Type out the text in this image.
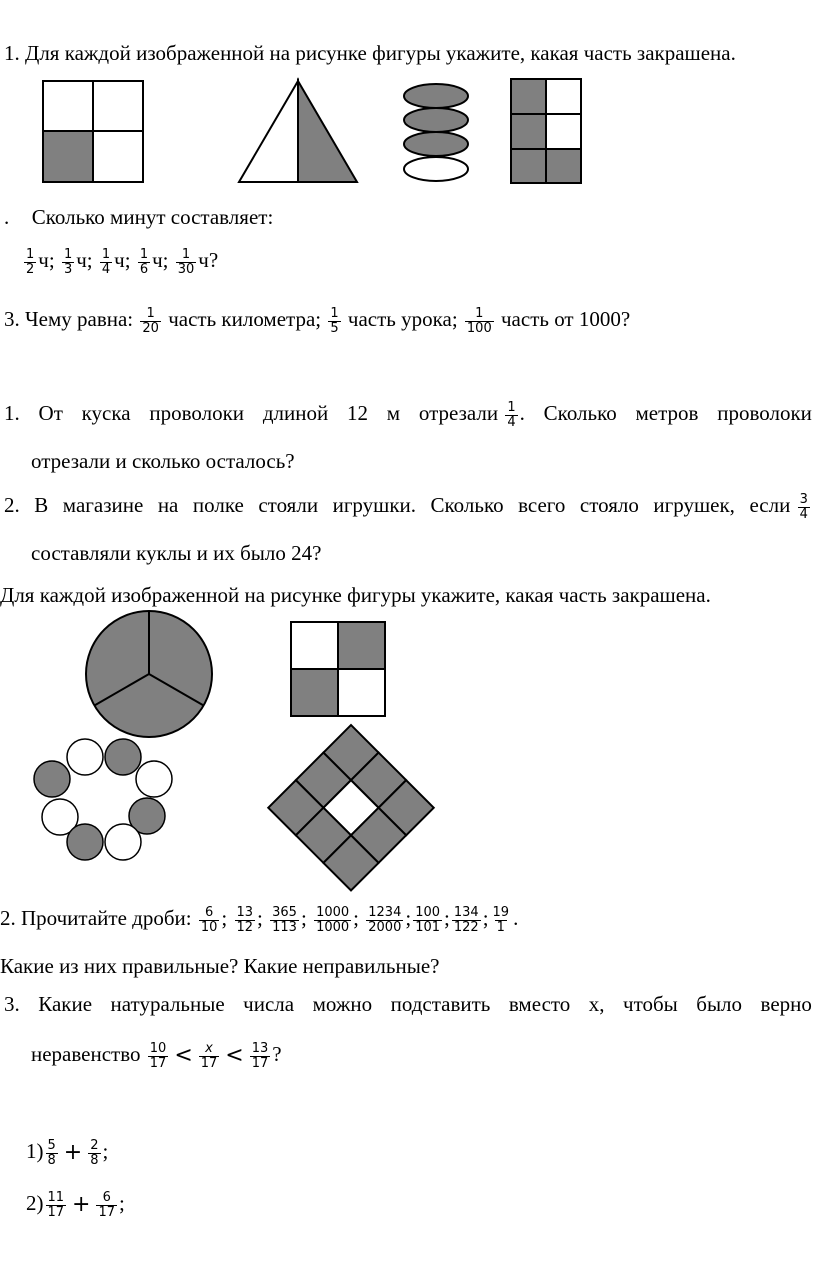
1. Для каждой изображенной на рисунке фигуры укажите, какая часть закрашена.
. Сколько минут составляет:
$\frac{1}{2} ч$; $\frac{1}{3} ч$; $\frac{1}{4} ч$; $\frac{1}{6} ч$; $\frac{1}{30} ч$?
3. Чему равна: $\frac{1}{20}$ часть километра; $\frac{1}{5}$ часть урока; $\frac{1}{100}$ часть от 1000?
1. От куска проволоки длиной 12 м отрезали $\frac{1}{4}$ . Сколько метров проволоки
отрезали и сколько осталось?
2. В магазине на полке стояли игрушки. Сколько всего стояло игрушек, если $\frac{3}{4}$
составляли куклы и их было 24?
Для каждой изображенной на рисунке фигуры укажите, какая часть закрашена.
2. Прочитайте дроби: $\frac{6}{10}$ ; $\frac{13}{12}$ ; $\frac{365}{113}$ ; $\frac{1000}{1000}$ ; $\frac{1234}{2000}$ ; $\frac{100}{101}$ ; $\frac{134}{122}$ ; $\frac{19}{1}$ .
Какие из них правильные? Какие неправильные?
3. Какие натуральные числа можно подставить вместо х, чтобы было верно
неравенство $\frac{10}{17} < \frac{x}{17} < \frac{13}{17}$ ?
$1) \frac{5}{8} + \frac{2}{8}$ ;
$2) \frac{11}{17} + \frac{6}{17}$ ;
